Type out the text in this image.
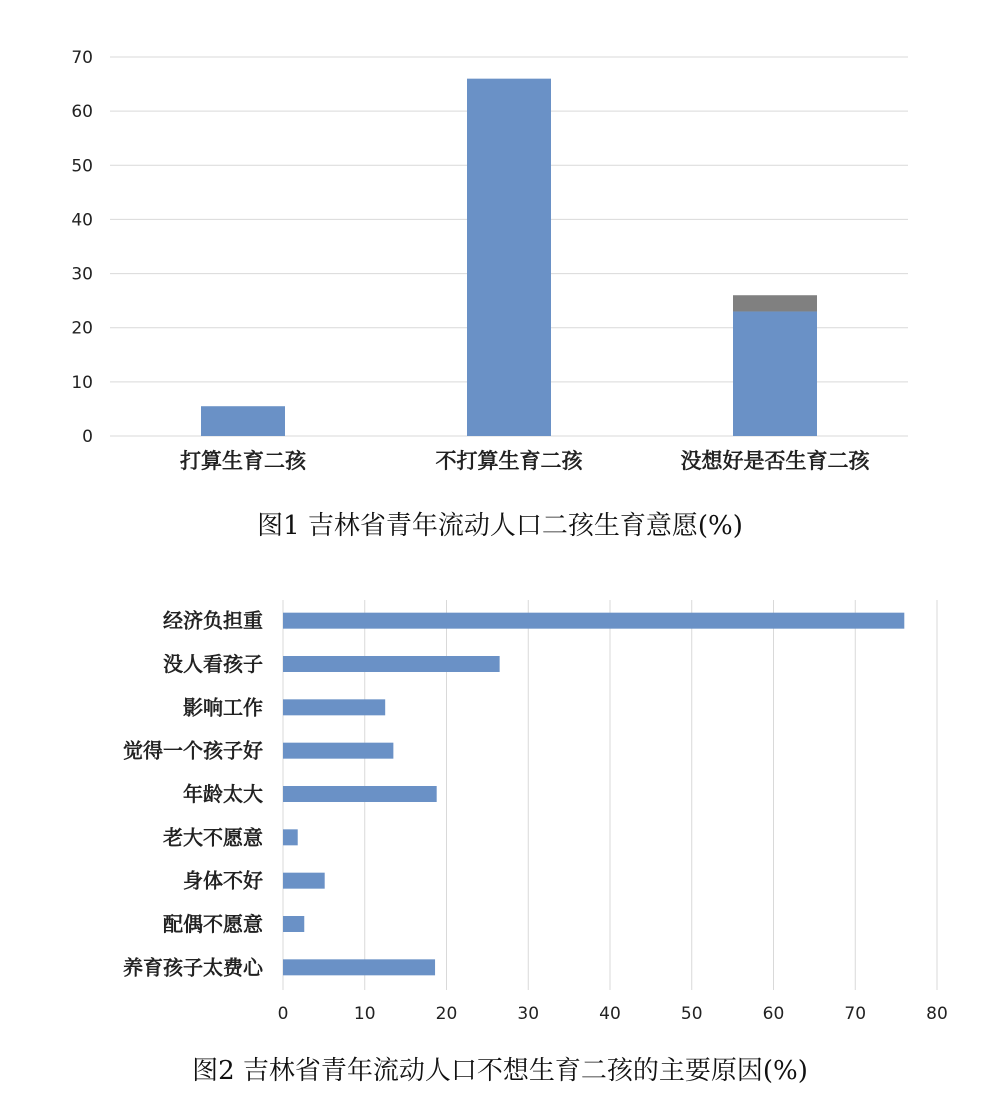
0
10
20
30
40
50
60
70
打算生育二孩	不打算生育二孩	没想好是否生育二孩
图1 吉林省青年流动人口二孩生育意愿(%)
经济负担重
没人看孩子
影响工作
觉得一个孩子好
年龄太大
老大不愿意
身体不好
配偶不愿意
养育孩子太费心
0	10	20	30	40	50	60	70	80
图2 吉林省青年流动人口不想生育二孩的主要原因(%)
